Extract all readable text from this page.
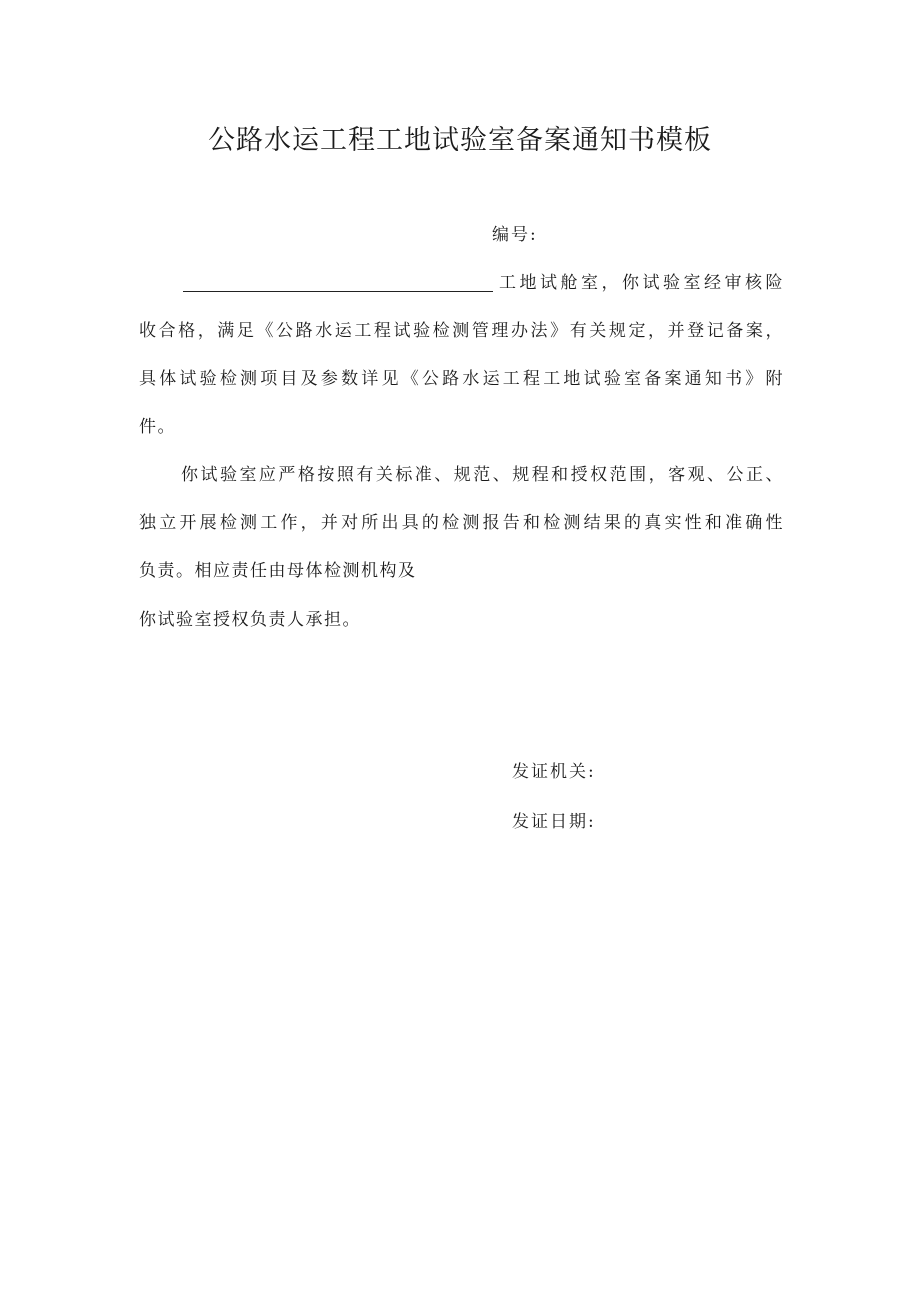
公路水运工程工地试验室备案通知书模板
编号:
工地试舱室，你试验室经审核险
收合格，满足《公路水运工程试验检测管理办法》有关规定，并登记备案，
具体试验检测项目及参数详见《公路水运工程工地试验室备案通知书》附
件。
你试验室应严格按照有关标准、规范、规程和授权范围，客观、公正、
独立开展检测工作，并对所出具的检测报告和检测结果的真实性和准确性
负责。相应责任由母体检测机构及
你试验室授权负责人承担。
发证机关:
发证日期:
